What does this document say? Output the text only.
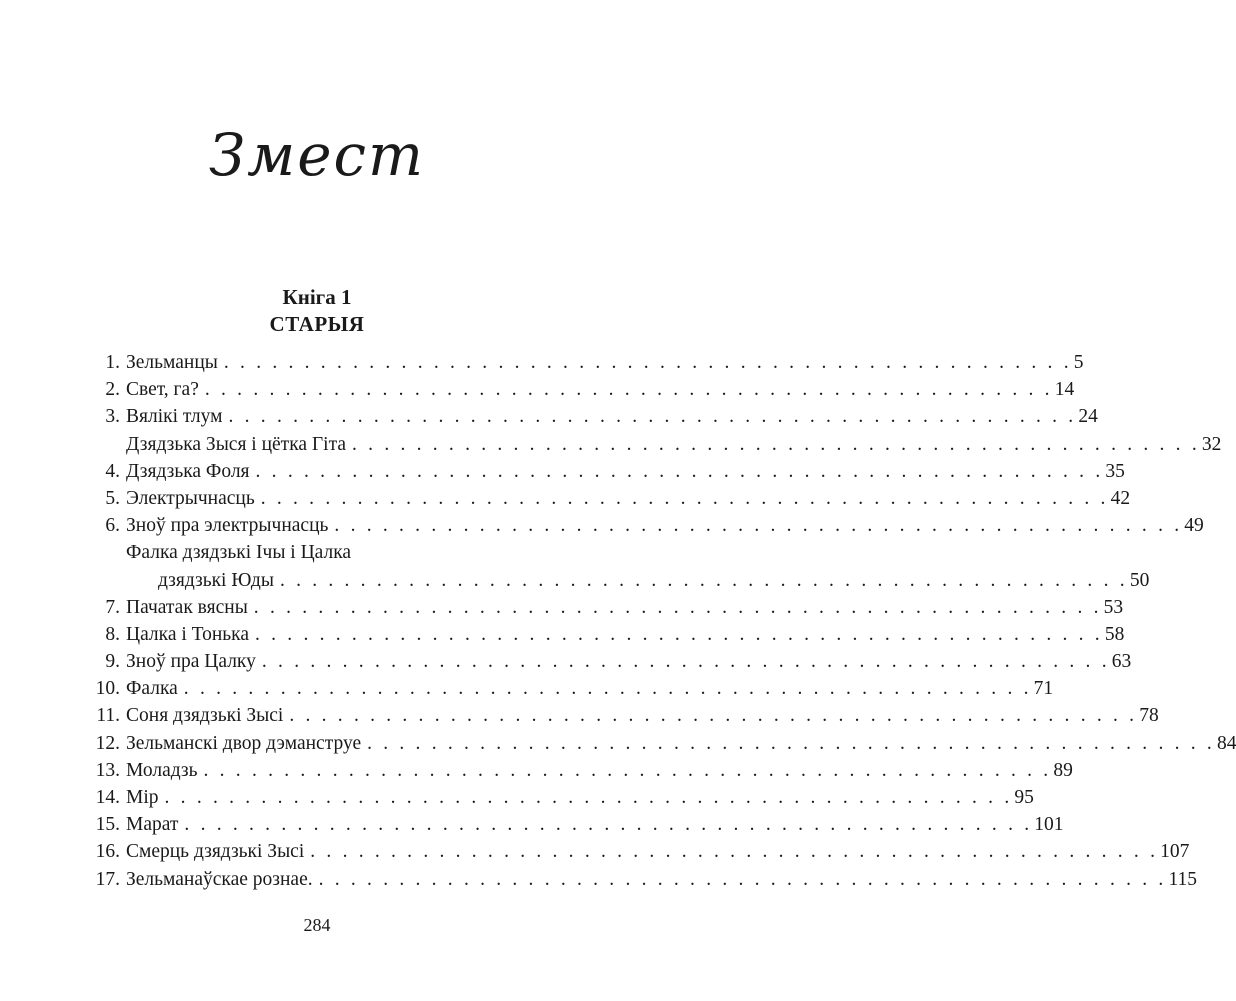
Змест
Кніга 1
СТАРЫЯ
1. Зельманцы . . . . . . . . . . . . . . . . . . . . . . . . . . . . . . . . . . . . . . . . . . . . . . . . . . . . . 5
2. Свет, га? . . . . . . . . . . . . . . . . . . . . . . . . . . . . . . . . . . . . . . . . . . . . . . . . . . . . . 14
3. Вялікі тлум . . . . . . . . . . . . . . . . . . . . . . . . . . . . . . . . . . . . . . . . . . . . . . . . . . . . . 24
Дзядзька Зыся і цётка Гіта . . . . . . . . . . . . . . . . . . . . . . . . . . . . . . . . . . . . . . . . . . . . . . . . . . . . . 32
4. Дзядзька Фоля . . . . . . . . . . . . . . . . . . . . . . . . . . . . . . . . . . . . . . . . . . . . . . . . . . . . . 35
5. Электрычнасць . . . . . . . . . . . . . . . . . . . . . . . . . . . . . . . . . . . . . . . . . . . . . . . . . . . . . 42
6. Зноў пра электрычнасць . . . . . . . . . . . . . . . . . . . . . . . . . . . . . . . . . . . . . . . . . . . . . . . . . . . . . 49
Фалка дзядзькі Ічы і Цалка
дзядзькі Юды . . . . . . . . . . . . . . . . . . . . . . . . . . . . . . . . . . . . . . . . . . . . . . . . . . . . . 50
7. Пачатак вясны . . . . . . . . . . . . . . . . . . . . . . . . . . . . . . . . . . . . . . . . . . . . . . . . . . . . . 53
8. Цалка і Тонька . . . . . . . . . . . . . . . . . . . . . . . . . . . . . . . . . . . . . . . . . . . . . . . . . . . . . 58
9. Зноў пра Цалку . . . . . . . . . . . . . . . . . . . . . . . . . . . . . . . . . . . . . . . . . . . . . . . . . . . . . 63
10. Фалка . . . . . . . . . . . . . . . . . . . . . . . . . . . . . . . . . . . . . . . . . . . . . . . . . . . . . 71
11. Соня дзядзькі Зысі . . . . . . . . . . . . . . . . . . . . . . . . . . . . . . . . . . . . . . . . . . . . . . . . . . . . . 78
12. Зельманскі двор дэманструе . . . . . . . . . . . . . . . . . . . . . . . . . . . . . . . . . . . . . . . . . . . . . . . . . . . . . 84
13. Моладзь . . . . . . . . . . . . . . . . . . . . . . . . . . . . . . . . . . . . . . . . . . . . . . . . . . . . . 89
14. Мір . . . . . . . . . . . . . . . . . . . . . . . . . . . . . . . . . . . . . . . . . . . . . . . . . . . . . 95
15. Марат . . . . . . . . . . . . . . . . . . . . . . . . . . . . . . . . . . . . . . . . . . . . . . . . . . . . . 101
16. Смерць дзядзькі Зысі . . . . . . . . . . . . . . . . . . . . . . . . . . . . . . . . . . . . . . . . . . . . . . . . . . . . . 107
17. Зельманаўскае рознае. . . . . . . . . . . . . . . . . . . . . . . . . . . . . . . . . . . . . . . . . . . . . . . . . . . . . . 115
284
